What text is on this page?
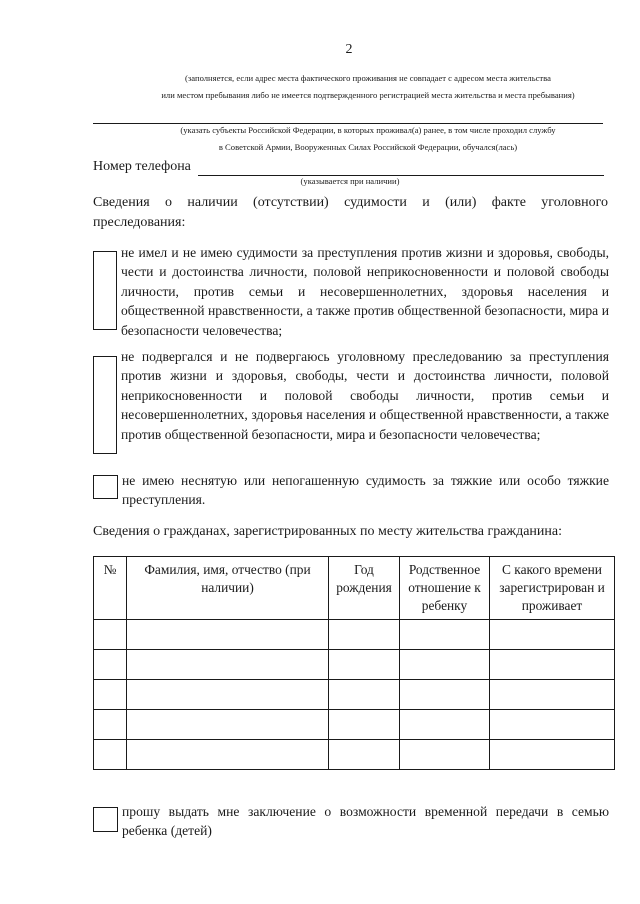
2
(заполняется, если адрес места фактического проживания не совпадает с адресом места жительства
или местом пребывания либо не имеется подтвержденного регистрацией места жительства и места пребывания)
(указать субъекты Российской Федерации, в которых проживал(а) ранее, в том числе проходил службу
в Советской Армии, Вооруженных Силах Российской Федерации, обучался(лась)
Номер телефона
(указывается при наличии)
Сведения о наличии (отсутствии) судимости и (или) факте уголовного преследования:
не имел и не имею судимости за преступления против жизни и здоровья, свободы, чести и достоинства личности, половой неприкосновенности и половой свободы личности, против семьи и несовершеннолетних, здоровья населения и общественной нравственности, а также против общественной безопасности, мира и безопасности человечества;
не подвергался и не подвергаюсь уголовному преследованию за преступления против жизни и здоровья, свободы, чести и достоинства личности, половой неприкосновенности и половой свободы личности, против семьи и несовершеннолетних, здоровья населения и общественной нравственности, а также против общественной безопасности, мира и безопасности человечества;
не имею неснятую или непогашенную судимость за тяжкие или особо тяжкие преступления.
Сведения о гражданах, зарегистрированных по месту жительства гражданина:
№	Фамилия, имя, отчество (при наличии)	Год рождения	Родственное отношение к ребенку	С какого времени зарегистрирован и проживает

прошу выдать мне заключение о возможности временной передачи в семью ребенка (детей)
